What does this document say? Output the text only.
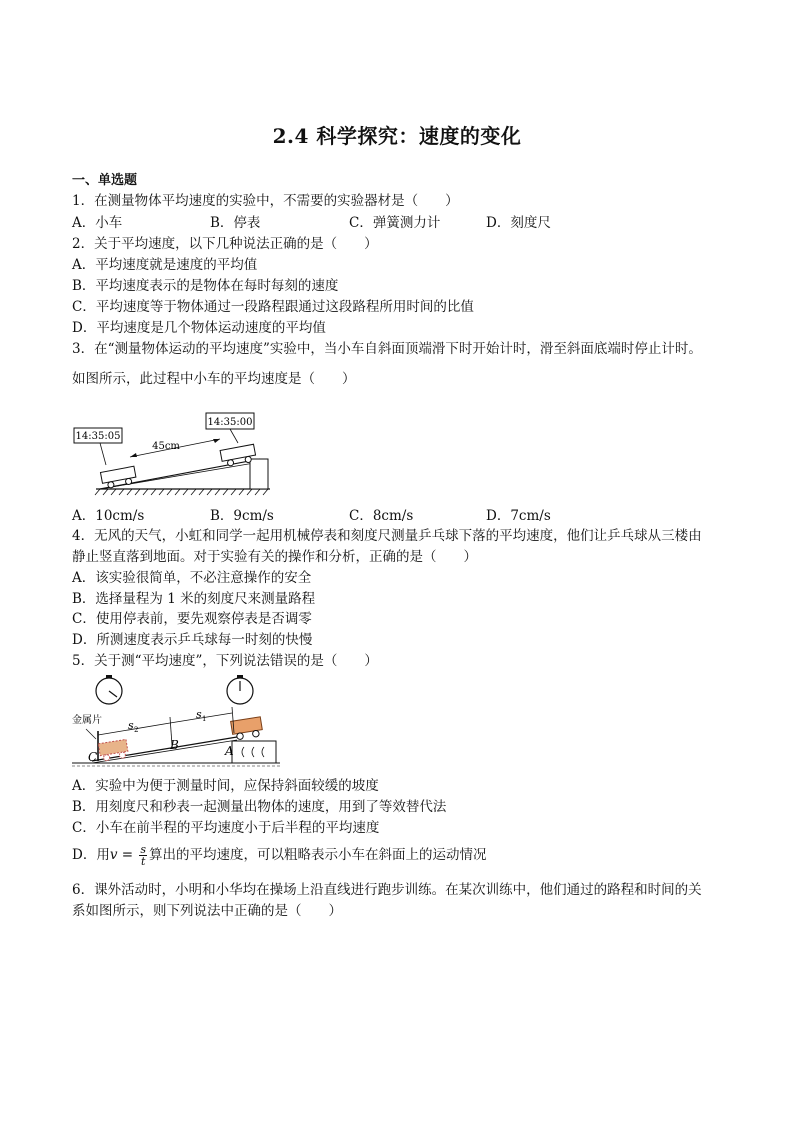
2.4 科学探究：速度的变化
一、单选题
1．在测量物体平均速度的实验中，不需要的实验器材是（　　）
A．小车	B．停表	C．弹簧测力计	D．刻度尺
2．关于平均速度，以下几种说法正确的是（　　）
A．平均速度就是速度的平均值
B．平均速度表示的是物体在每时每刻的速度
C．平均速度等于物体通过一段路程跟通过这段路程所用时间的比值
D．平均速度是几个物体运动速度的平均值
3．在“测量物体运动的平均速度”实验中，当小车自斜面顶端滑下时开始计时，滑至斜面底端时停止计时。
如图所示，此过程中小车的平均速度是（　　）
14:35:05
14:35:00
45cm
A．10cm/s	B．9cm/s	C．8cm/s	D．7cm/s
4．无风的天气，小虹和同学一起用机械停表和刻度尺测量乒乓球下落的平均速度，他们让乒乓球从三楼由
静止竖直落到地面。对于实验有关的操作和分析，正确的是（　　）
A．该实验很简单，不必注意操作的安全
B．选择量程为 1 米的刻度尺来测量路程
C．使用停表前，要先观察停表是否调零
D．所测速度表示乒乓球每一时刻的快慢
5．关于测“平均速度”，下列说法错误的是（　　）
金属片 s 2
s 1
C
B	A
A．实验中为便于测量时间，应保持斜面较缓的坡度
B．用刻度尺和秒表一起测量出物体的速度，用到了等效替代法
C．小车在前半程的平均速度小于后半程的平均速度
D．用$v = \frac{s}{t}$ 算出的平均速度，可以粗略表示小车在斜面上的运动情况
6．课外活动时，小明和小华均在操场上沿直线进行跑步训练。在某次训练中，他们通过的路程和时间的关
系如图所示，则下列说法中正确的是（　　）
